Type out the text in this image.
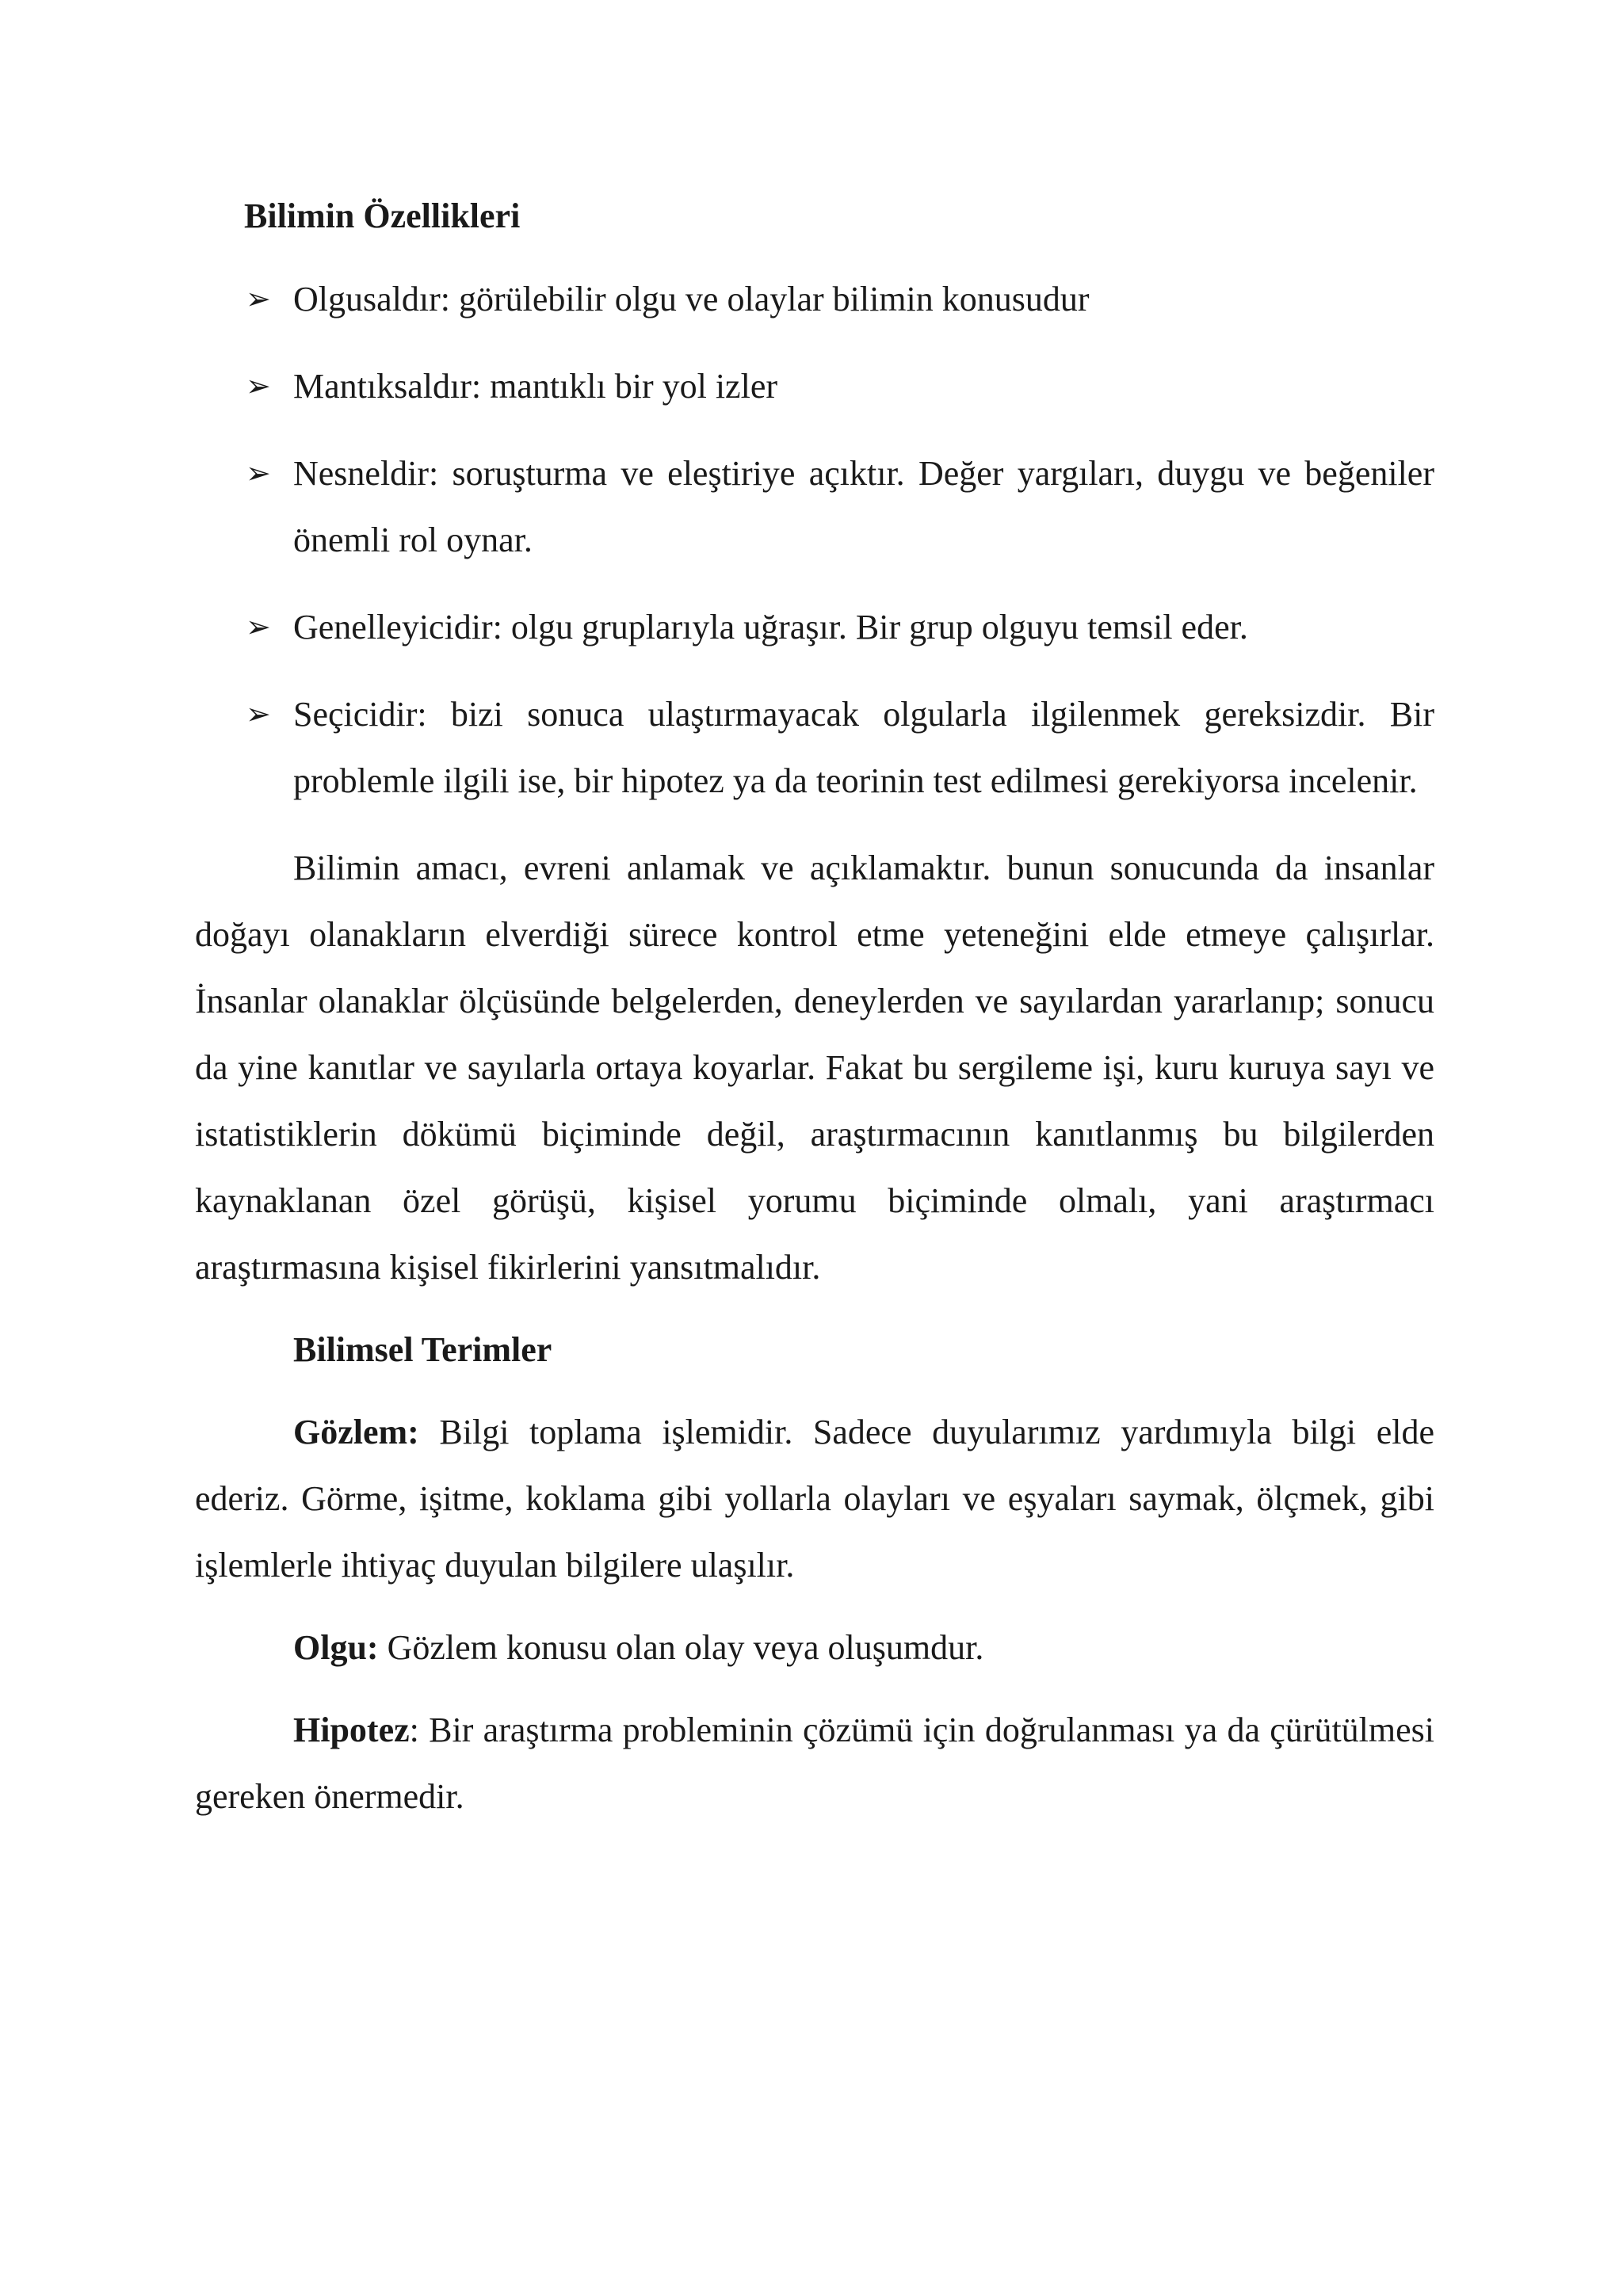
Bilimin Özellikleri
➢ Olgusaldır: görülebilir olgu ve olaylar bilimin konusudur
➢ Mantıksaldır: mantıklı bir yol izler
➢ Nesneldir: soruşturma ve eleştiriye açıktır. Değer yargıları, duygu ve beğeniler önemli rol oynar.
➢ Genelleyicidir: olgu gruplarıyla uğraşır. Bir grup olguyu temsil eder.
➢ Seçicidir: bizi sonuca ulaştırmayacak olgularla ilgilenmek gereksizdir. Bir problemle ilgili ise, bir hipotez ya da teorinin test edilmesi gerekiyorsa incelenir.

Bilimin amacı, evreni anlamak ve açıklamaktır. bunun sonucunda da insanlar doğayı olanakların elverdiği sürece kontrol etme yeteneğini elde etmeye çalışırlar. İnsanlar olanaklar ölçüsünde belgelerden, deneylerden ve sayılardan yararlanıp; sonucu da yine kanıtlar ve sayılarla ortaya koyarlar. Fakat bu sergileme işi, kuru kuruya sayı ve istatistiklerin dökümü biçiminde değil, araştırmacının kanıtlanmış bu bilgilerden kaynaklanan özel görüşü, kişisel yorumu biçiminde olmalı, yani araştırmacı araştırmasına kişisel fikirlerini yansıtmalıdır.

Bilimsel Terimler

Gözlem: Bilgi toplama işlemidir. Sadece duyularımız yardımıyla bilgi elde ederiz. Görme, işitme, koklama gibi yollarla olayları ve eşyaları saymak, ölçmek, gibi işlemlerle ihtiyaç duyulan bilgilere ulaşılır.

Olgu: Gözlem konusu olan olay veya oluşumdur.

Hipotez: Bir araştırma probleminin çözümü için doğrulanması ya da çürütülmesi gereken önermedir.
